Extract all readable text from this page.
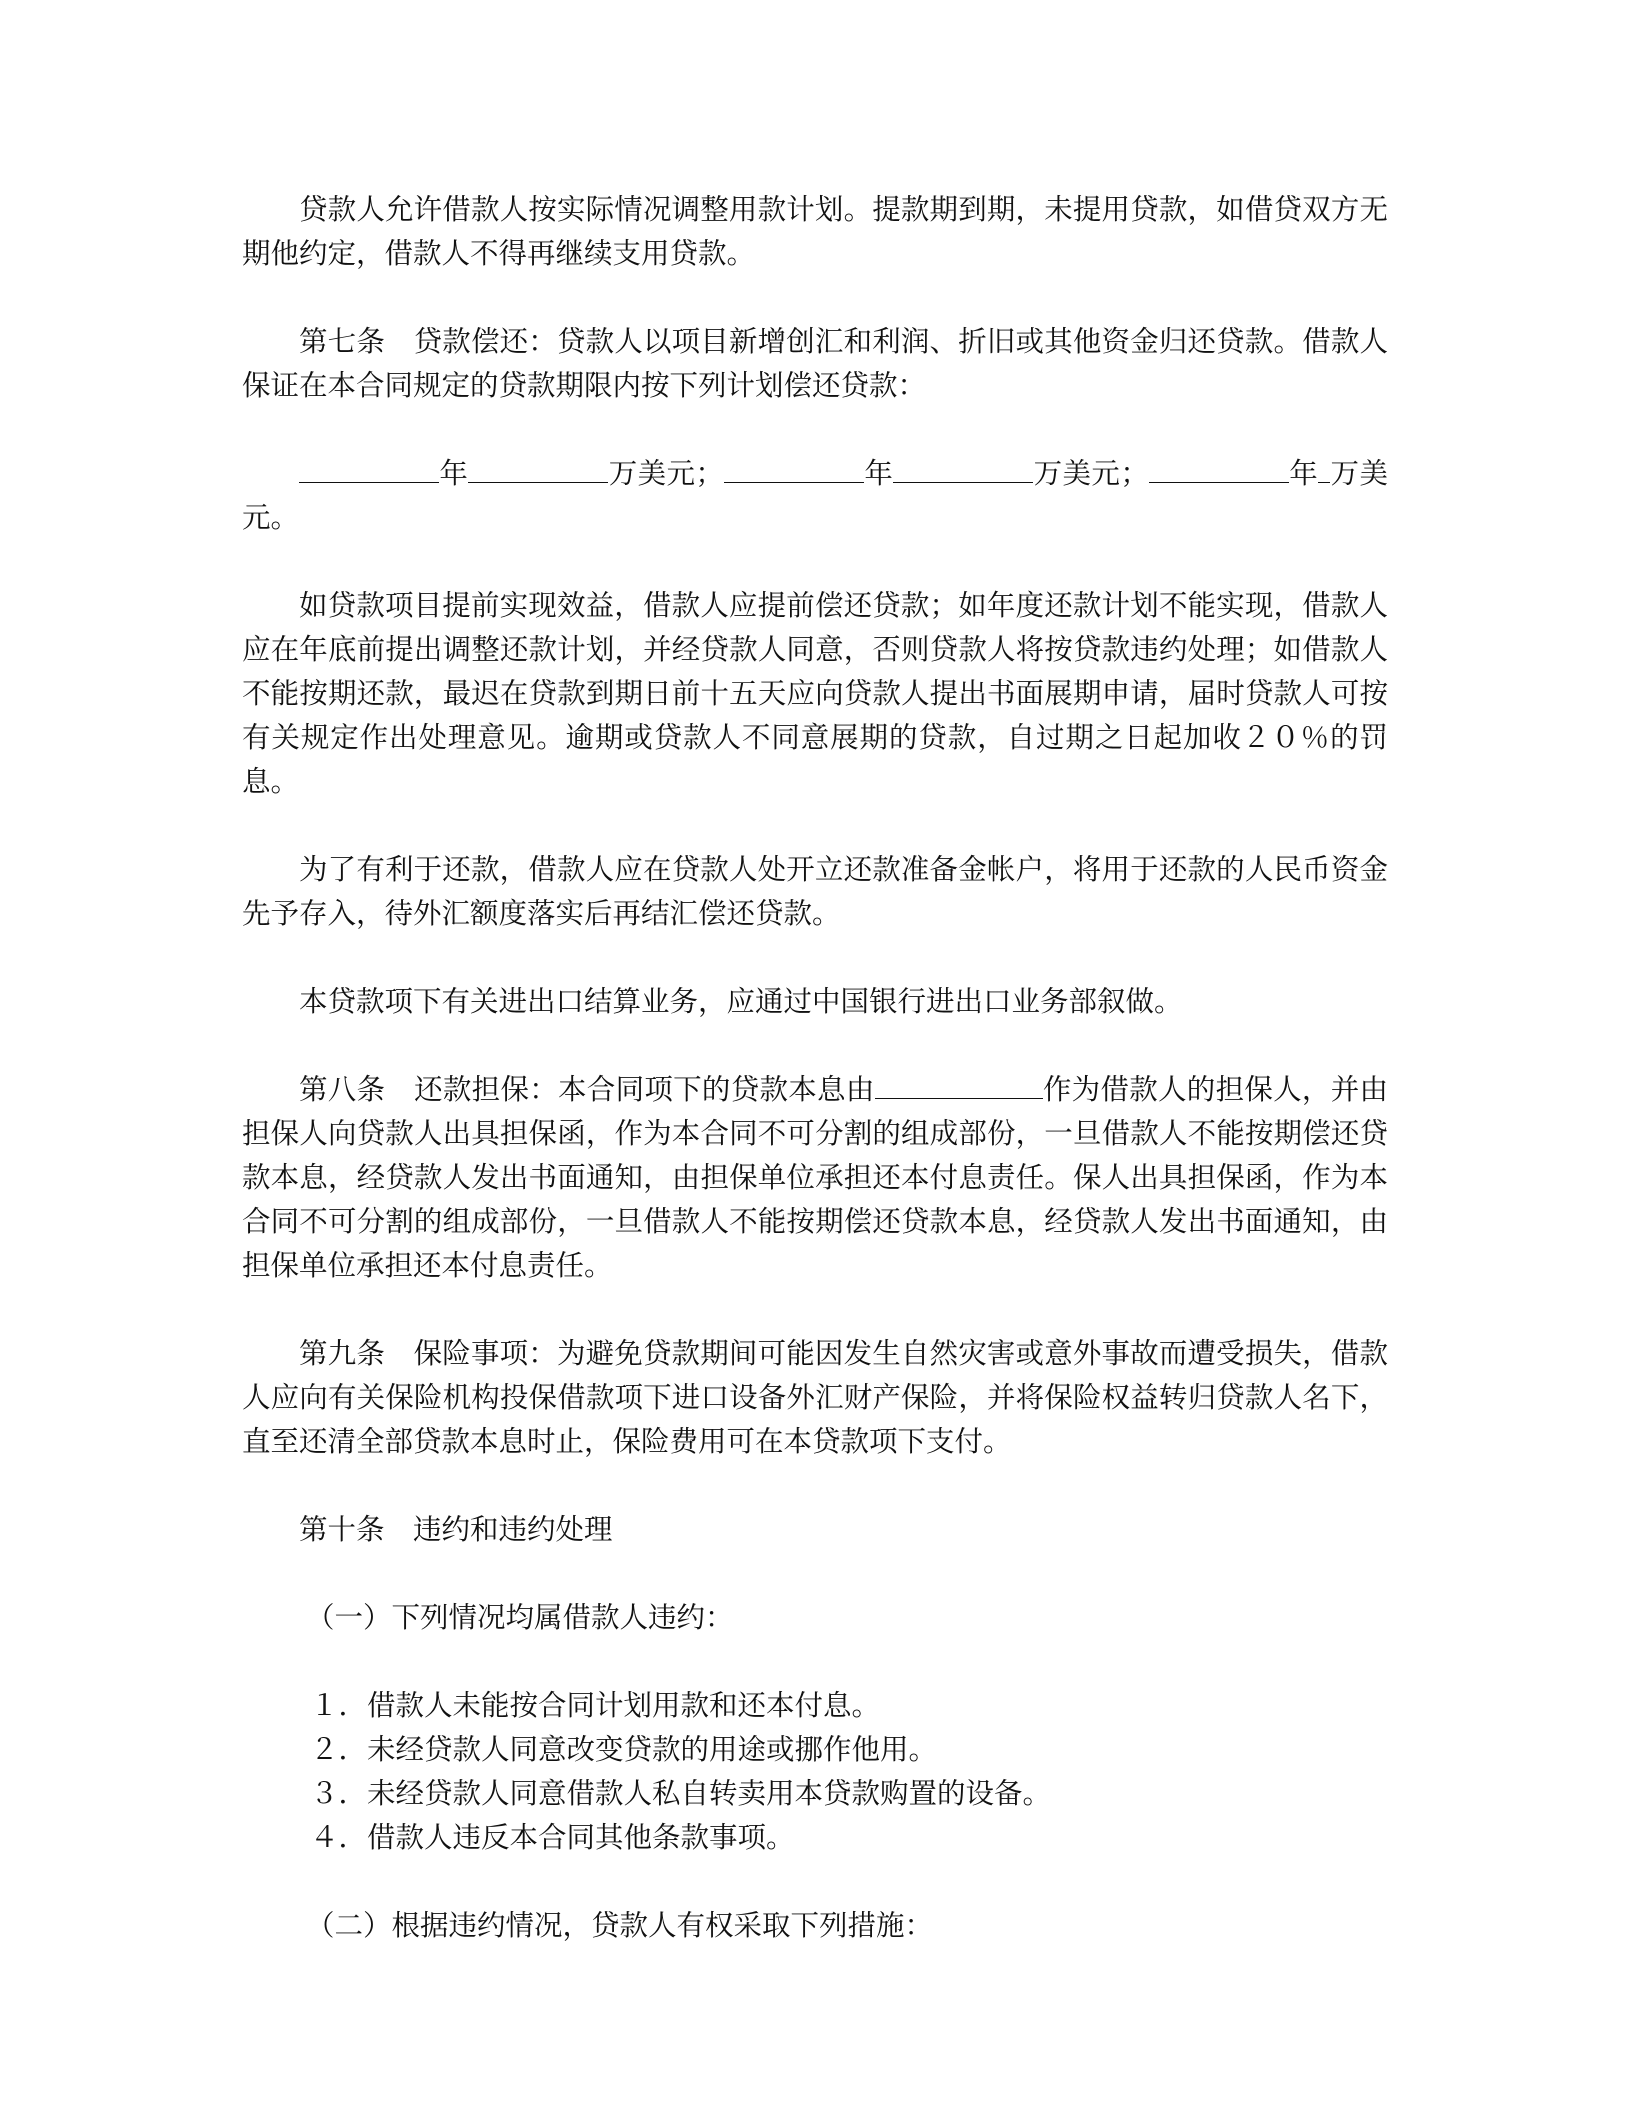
贷款人允许借款人按实际情况调整用款计划。提款期到期，未提用贷款，如借贷双方无期他约定，借款人不得再继续支用贷款。

第七条　贷款偿还：贷款人以项目新增创汇和利润、折旧或其他资金归还贷款。借款人保证在本合同规定的贷款期限内按下列计划偿还贷款：

年	万美元；	年	万美元；	年 万美元。

如贷款项目提前实现效益，借款人应提前偿还贷款；如年度还款计划不能实现，借款人应在年底前提出调整还款计划，并经贷款人同意，否则贷款人将按贷款违约处理；如借款人不能按期还款，最迟在贷款到期日前十五天应向贷款人提出书面展期申请，届时贷款人可按有关规定作出处理意见。逾期或贷款人不同意展期的贷款，自过期之日起加收２０％的罚息。

为了有利于还款，借款人应在贷款人处开立还款准备金帐户，将用于还款的人民币资金先予存入，待外汇额度落实后再结汇偿还贷款。

本贷款项下有关进出口结算业务，应通过中国银行进出口业务部叙做。

第八条　还款担保：本合同项下的贷款本息由	作为借款人的担保人，并由担保人向贷款人出具担保函，作为本合同不可分割的组成部份，一旦借款人不能按期偿还贷款本息，经贷款人发出书面通知，由担保单位承担还本付息责任。保人出具担保函，作为本合同不可分割的组成部份，一旦借款人不能按期偿还贷款本息，经贷款人发出书面通知，由担保单位承担还本付息责任。

第九条　保险事项：为避免贷款期间可能因发生自然灾害或意外事故而遭受损失，借款人应向有关保险机构投保借款项下进口设备外汇财产保险，并将保险权益转归贷款人名下，直至还清全部贷款本息时止，保险费用可在本贷款项下支付。

第十条　违约和违约处理

（一）下列情况均属借款人违约：

１．借款人未能按合同计划用款和还本付息。
２．未经贷款人同意改变贷款的用途或挪作他用。
３．未经贷款人同意借款人私自转卖用本贷款购置的设备。
４．借款人违反本合同其他条款事项。

（二）根据违约情况，贷款人有权采取下列措施：
